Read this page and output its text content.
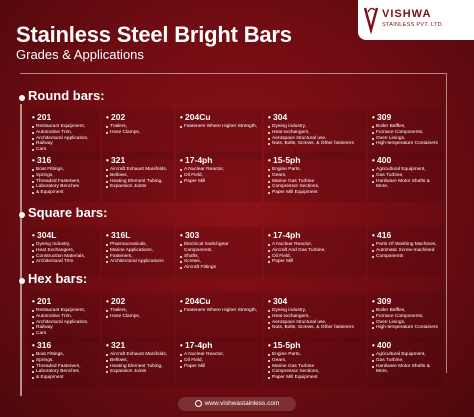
Stainless Steel Bright Bars
Grades & Applications
VISHWA
STAINLESS PVT. LTD.
Round bars:
• 201
Restaurant Equipment,
Automotive Trim,
Architectural Application,
Railway
Cars
• 202
Trailers,
Hose Clamps,
• 204Cu
Fasteners Where Higher Strength,
• 304
Dyeing industry,
Heat exchangers,
Aerospace structural use,
Nuts, Bolts, Screws, & Other fasteners
• 309
Boiler Baffles,
Furnace Components,
Oven Linings,
High-temperature Containers
• 316
Boat Fittings,
Springs,
Threaded Fasteners,
Laboratory Benches
& Equipment
• 321
Aircraft Exhaust Manifolds,
Bellows,
Heating Element Tubing,
Expansion Joints
• 17-4ph
A Nuclear Reactor,
Oil Field,
Paper Mill
• 15-5ph
Engine Parts,
Gears,
Marine Gas Turbine
Compressor Sections,
Paper Mill Equipment
• 400
Agricultural Equipment,
Gas Turbine,
Hardware Motor Shafts & More,
Square bars:
• 304L
Dyeing Industry,
Heat Exchangers,
Construction Materials,
Architectural Trim
• 316L
Pharmaceuticals,
Marine Applications,
Fasteners,
Architectural Applications
• 303
Electrical Switchgear Components,
Shafts,
Screws,
Aircraft Fittings
• 17-4ph
A Nuclear Reactor,
Aircraft And Gas Turbine,
Oil Field,
Paper Mill
• 416
Parts Of Washing Machines,
Automatic Screw-machined
Components
Hex bars:
• 201
Restaurant Equipment,
Automotive Trim,
Architectural Application,
Railway
Cars
• 202
Trailers,
Hose Clamps,
• 204Cu
Fasteners Where Higher Strength,
• 304
Dyeing industry,
Heat exchangers,
Aerospace structural use,
Nuts, Bolts, Screws, & Other fasteners
• 309
Boiler Baffles,
Furnace Components,
Oven Linings,
High-temperature Containers
• 316
Boat Fittings,
Springs,
Threaded Fasteners,
Laboratory Benches
& Equipment
• 321
Aircraft Exhaust Manifolds,
Bellows,
Heating Element Tubing,
Expansion Joints
• 17-4ph
A Nuclear Reactor,
Oil Field,
Paper Mill
• 15-5ph
Engine Parts,
Gears,
Marine Gas Turbine
Compressor Sections,
Paper Mill Equipment
• 400
Agricultural Equipment,
Gas Turbine,
Hardware Motor Shafts & More,
www.vishwastainless.com
